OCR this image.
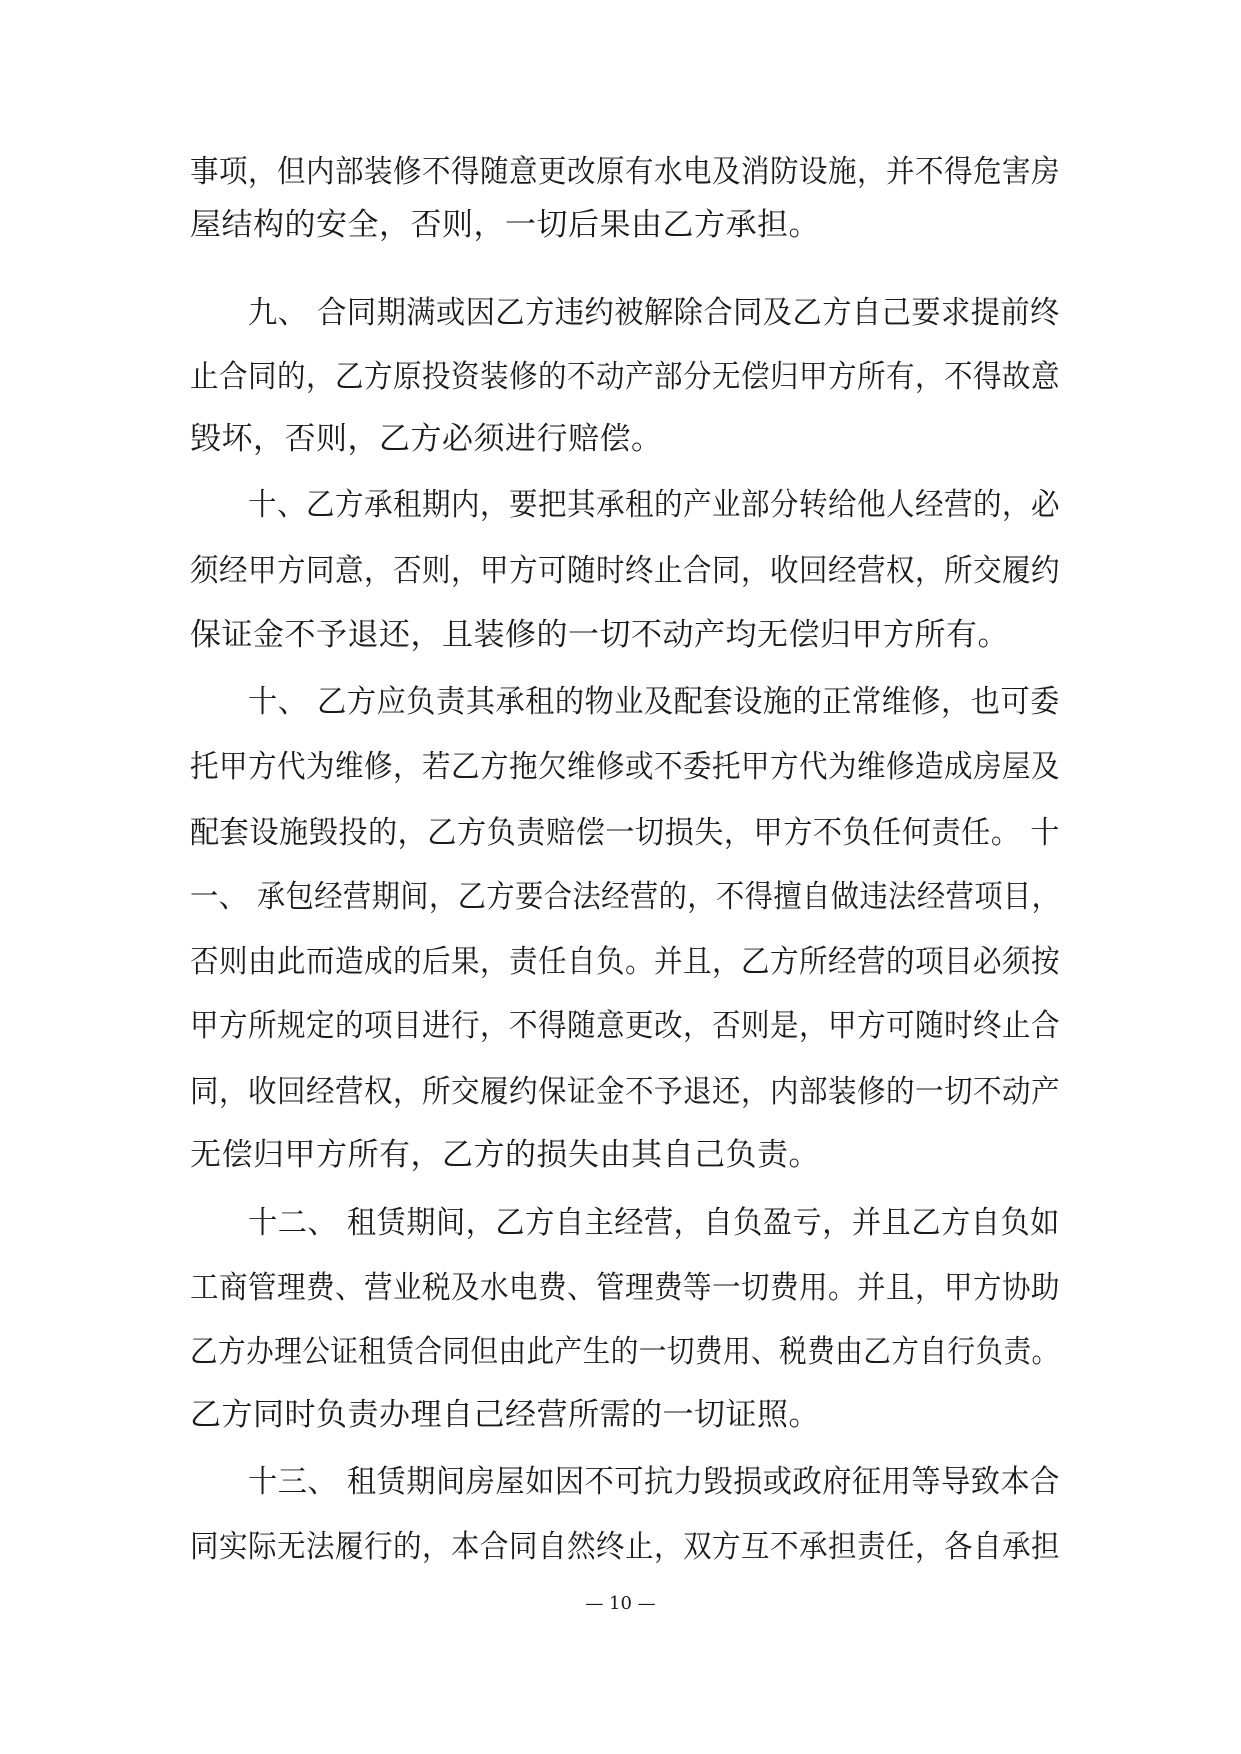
事项，但内部装修不得随意更改原有水电及消防设施，并不得危害房
屋结构的安全，否则，一切后果由乙方承担。
九、 合同期满或因乙方违约被解除合同及乙方自己要求提前终
止合同的，乙方原投资装修的不动产部分无偿归甲方所有，不得故意
毁坏，否则，乙方必须进行赔偿。
十、乙方承租期内，要把其承租的产业部分转给他人经营的，必
须经甲方同意，否则，甲方可随时终止合同，收回经营权，所交履约
保证金不予退还，且装修的一切不动产均无偿归甲方所有。
十、 乙方应负责其承租的物业及配套设施的正常维修，也可委
托甲方代为维修，若乙方拖欠维修或不委托甲方代为维修造成房屋及
配套设施毁投的，乙方负责赔偿一切损失，甲方不负任何责任。 十
一、 承包经营期间，乙方要合法经营的，不得擅自做违法经营项目，
否则由此而造成的后果，责任自负。并且，乙方所经营的项目必须按
甲方所规定的项目进行，不得随意更改，否则是，甲方可随时终止合
同，收回经营权，所交履约保证金不予退还，内部装修的一切不动产
无偿归甲方所有，乙方的损失由其自己负责。
十二、 租赁期间，乙方自主经营，自负盈亏，并且乙方自负如
工商管理费、营业税及水电费、管理费等一切费用。并且，甲方协助
乙方办理公证租赁合同但由此产生的一切费用、税费由乙方自行负责。
乙方同时负责办理自己经营所需的一切证照。
十三、 租赁期间房屋如因不可抗力毁损或政府征用等导致本合
同实际无法履行的，本合同自然终止，双方互不承担责任，各自承担
— 10 —
